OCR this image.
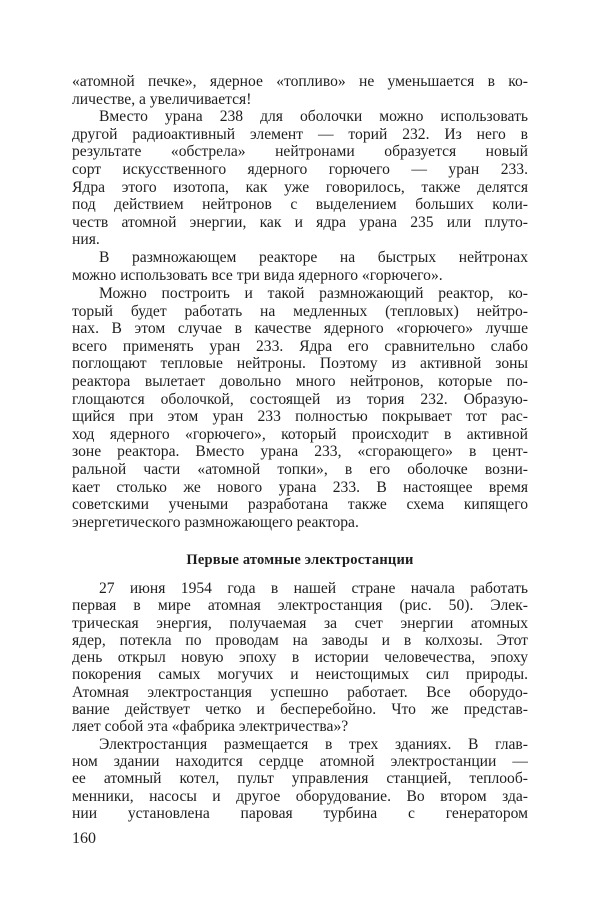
«атомной печке», ядерное «топливо» не уменьшается в ко-
личестве, а увеличивается!
Вместо урана 238 для оболочки можно использовать
другой радиоактивный элемент — торий 232. Из него в
результате «обстрела» нейтронами образуется новый
сорт искусственного ядерного горючего — уран 233.
Ядра этого изотопа, как уже говорилось, также делятся
под действием нейтронов с выделением больших коли-
честв атомной энергии, как и ядра урана 235 или плуто-
ния.
В размножающем реакторе на быстрых нейтронах
можно использовать все три вида ядерного «горючего».
Можно построить и такой размножающий реактор, ко-
торый будет работать на медленных (тепловых) нейтро-
нах. В этом случае в качестве ядерного «горючего» лучше
всего применять уран 233. Ядра его сравнительно слабо
поглощают тепловые нейтроны. Поэтому из активной зоны
реактора вылетает довольно много нейтронов, которые по-
глощаются оболочкой, состоящей из тория 232. Образую-
щийся при этом уран 233 полностью покрывает тот рас-
ход ядерного «горючего», который происходит в активной
зоне реактора. Вместо урана 233, «сгорающего» в цент-
ральной части «атомной топки», в его оболочке возни-
кает столько же нового урана 233. В настоящее время
советскими учеными разработана также схема кипящего
энергетического размножающего реактора.
Первые атомные электростанции
27 июня 1954 года в нашей стране начала работать
первая в мире атомная электростанция (рис. 50). Элек-
трическая энергия, получаемая за счет энергии атомных
ядер, потекла по проводам на заводы и в колхозы. Этот
день открыл новую эпоху в истории человечества, эпоху
покорения самых могучих и неистощимых сил природы.
Атомная электростанция успешно работает. Все оборудо-
вание действует четко и бесперебойно. Что же представ-
ляет собой эта «фабрика электричества»?
Электростанция размещается в трех зданиях. В глав-
ном здании находится сердце атомной электростанции —
ее атомный котел, пульт управления станцией, теплооб-
менники, насосы и другое оборудование. Во втором зда-
нии установлена паровая турбина с генератором
160
